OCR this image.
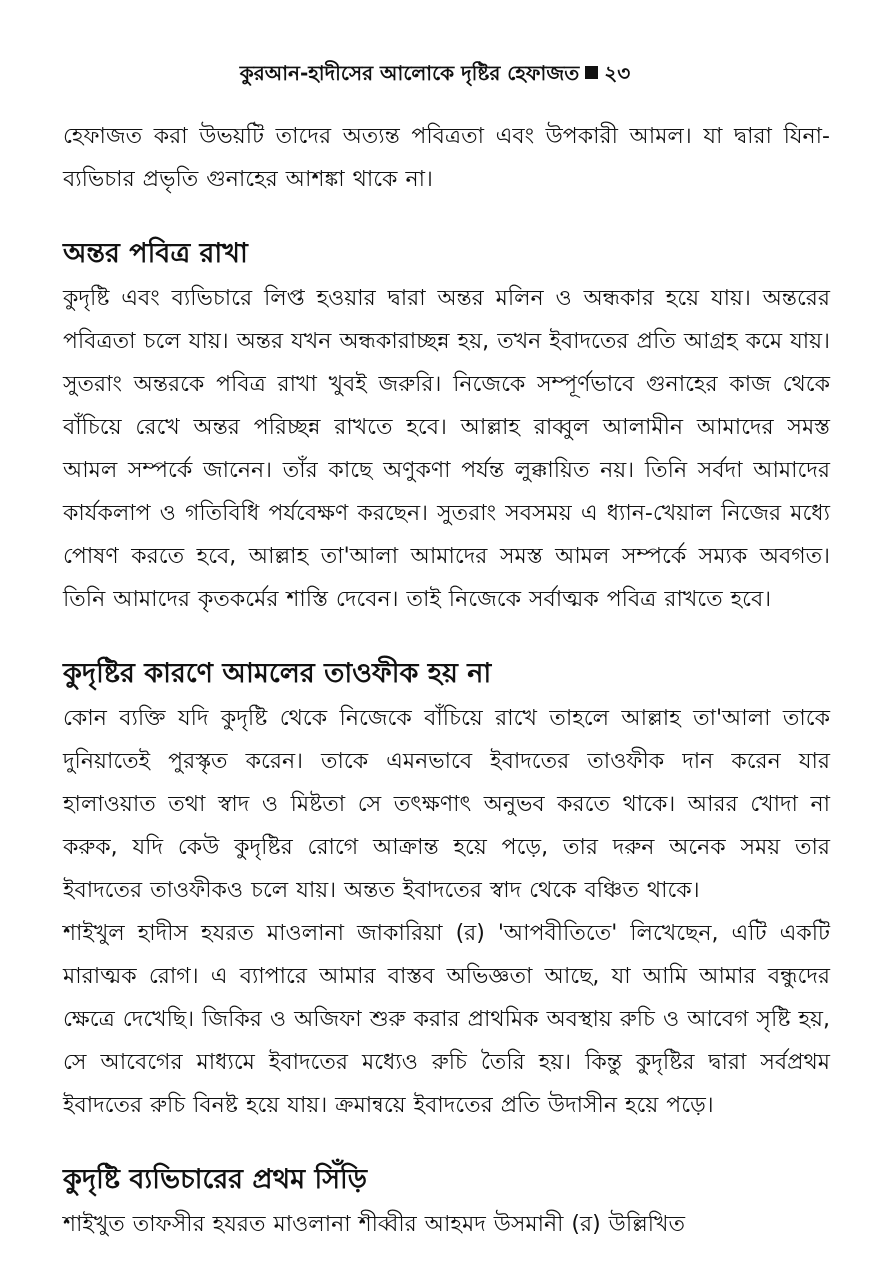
কুরআন-হাদীসের আলোকে দৃষ্টির হেফাজত ২৩

হেফাজত করা উভয়টি তাদের অত্যন্ত পবিত্রতা এবং উপকারী আমল। যা দ্বারা যিনা-ব্যভিচার প্রভৃতি গুনাহের আশঙ্কা থাকে না।

অন্তর পবিত্র রাখা

কুদৃষ্টি এবং ব্যভিচারে লিপ্ত হওয়ার দ্বারা অন্তর মলিন ও অন্ধকার হয়ে যায়। অন্তরের পবিত্রতা চলে যায়। অন্তর যখন অন্ধকারাচ্ছন্ন হয়, তখন ইবাদতের প্রতি আগ্রহ কমে যায়। সুতরাং অন্তরকে পবিত্র রাখা খুবই জরুরি। নিজেকে সম্পূর্ণভাবে গুনাহের কাজ থেকে বাঁচিয়ে রেখে অন্তর পরিচ্ছন্ন রাখতে হবে। আল্লাহ রাব্বুল আলামীন আমাদের সমস্ত আমল সম্পর্কে জানেন। তাঁর কাছে অণুকণা পর্যন্ত লুক্কায়িত নয়। তিনি সর্বদা আমাদের কার্যকলাপ ও গতিবিধি পর্যবেক্ষণ করছেন। সুতরাং সবসময় এ ধ্যান-খেয়াল নিজের মধ্যে পোষণ করতে হবে, আল্লাহ তা'আলা আমাদের সমস্ত আমল সম্পর্কে সম্যক অবগত। তিনি আমাদের কৃতকর্মের শাস্তি দেবেন। তাই নিজেকে সর্বাত্মক পবিত্র রাখতে হবে।

কুদৃষ্টির কারণে আমলের তাওফীক হয় না

কোন ব্যক্তি যদি কুদৃষ্টি থেকে নিজেকে বাঁচিয়ে রাখে তাহলে আল্লাহ তা'আলা তাকে দুনিয়াতেই পুরস্কৃত করেন। তাকে এমনভাবে ইবাদতের তাওফীক দান করেন যার হালাওয়াত তথা স্বাদ ও মিষ্টতা সে তৎক্ষণাৎ অনুভব করতে থাকে। আরর খোদা না করুক, যদি কেউ কুদৃষ্টির রোগে আক্রান্ত হয়ে পড়ে, তার দরুন অনেক সময় তার ইবাদতের তাওফীকও চলে যায়। অন্তত ইবাদতের স্বাদ থেকে বঞ্চিত থাকে।

শাইখুল হাদীস হযরত মাওলানা জাকারিয়া (র) 'আপবীতিতে' লিখেছেন, এটি একটি মারাত্মক রোগ। এ ব্যাপারে আমার বাস্তব অভিজ্ঞতা আছে, যা আমি আমার বন্ধুদের ক্ষেত্রে দেখেছি। জিকির ও অজিফা শুরু করার প্রাথমিক অবস্থায় রুচি ও আবেগ সৃষ্টি হয়, সে আবেগের মাধ্যমে ইবাদতের মধ্যেও রুচি তৈরি হয়। কিন্তু কুদৃষ্টির দ্বারা সর্বপ্রথম ইবাদতের রুচি বিনষ্ট হয়ে যায়। ক্রমান্বয়ে ইবাদতের প্রতি উদাসীন হয়ে পড়ে।

কুদৃষ্টি ব্যভিচারের প্রথম সিঁড়ি

শাইখুত তাফসীর হযরত মাওলানা শীব্বীর আহমদ উসমানী (র) উল্লিখিত
